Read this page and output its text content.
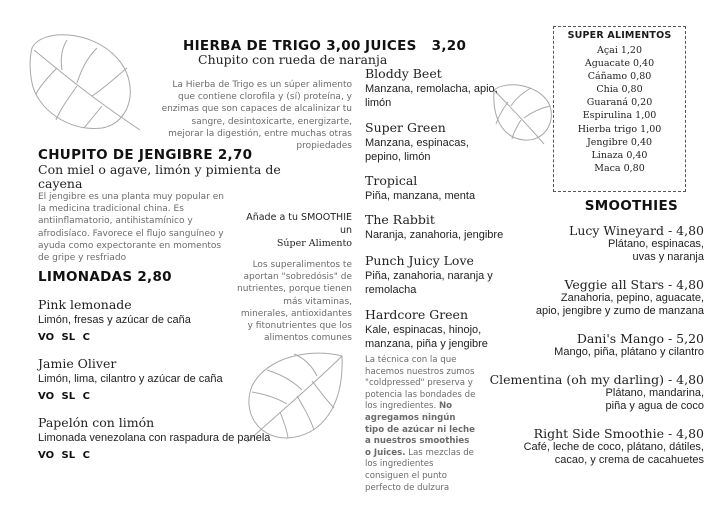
HIERBA DE TRIGO 3,00
Chupito con rueda de naranja
La Hierba de Trigo es un súper alimento que contiene clorofila y (sí) proteína, y enzimas que son capaces de alcalinizar tu sangre, desintoxicarte, energizarte, mejorar la digestión, entre muchas otras propiedades
CHUPITO DE JENGIBRE 2,70
Con miel o agave, limón y pimienta de cayena
El jengibre es una planta muy popular en la medicina tradicional china. Es antiinflamatorio, antihistamínico y afrodisíaco. Favorece el flujo sanguíneo y ayuda como expectorante en momentos de gripe y resfriado
Añade a tu SMOOTHIE
un
Súper Alimento
Los superalimentos te aportan "sobredósis" de nutrientes, porque tienen más vitaminas, minerales, antioxidantes y fitonutrientes que los alimentos comunes
LIMONADAS 2,80
Pink lemonade
Limón, fresas y azúcar de caña
VO SL C
Jamie Oliver
Limón, lima, cilantro y azúcar de caña
VO SL C
Papelón con limón
Limonada venezolana con raspadura de panela
VO SL C
JUICES 3,20
Bloddy Beet
Manzana, remolacha, apio, limón
Super Green
Manzana, espinacas, pepino, limón
Tropical
Piña, manzana, menta
The Rabbit
Naranja, zanahoria, jengibre
Punch Juicy Love
Piña, zanahoria, naranja y remolacha
Hardcore Green
Kale, espinacas, hinojo, manzana, piña y jengibre
La técnica con la que hacemos nuestros zumos "coldpressed" preserva y potencia las bondades de los ingredientes. No agregamos ningún tipo de azúcar ni leche a nuestros smoothies o Juices. Las mezclas de los ingredientes consiguen el punto perfecto de dulzura
SUPER ALIMENTOS
Açai 1,20
Aguacate 0,40
Cáñamo 0,80
Chia 0,80
Guaraná 0,20
Espirulina 1,00
Hierba trigo 1,00
Jengibre 0,40
Linaza 0,40
Maca 0,80
SMOOTHIES
Lucy Wineyard - 4,80
Plátano, espinacas,
uvas y naranja
Veggie all Stars - 4,80
Zanahoria, pepino, aguacate,
apio, jengibre y zumo de manzana
Dani's Mango - 5,20
Mango, piña, plátano y cilantro
Clementina (oh my darling) - 4,80
Plátano, mandarina,
piña y agua de coco
Right Side Smoothie - 4,80
Café, leche de coco, plátano, dátiles,
cacao, y crema de cacahuetes
